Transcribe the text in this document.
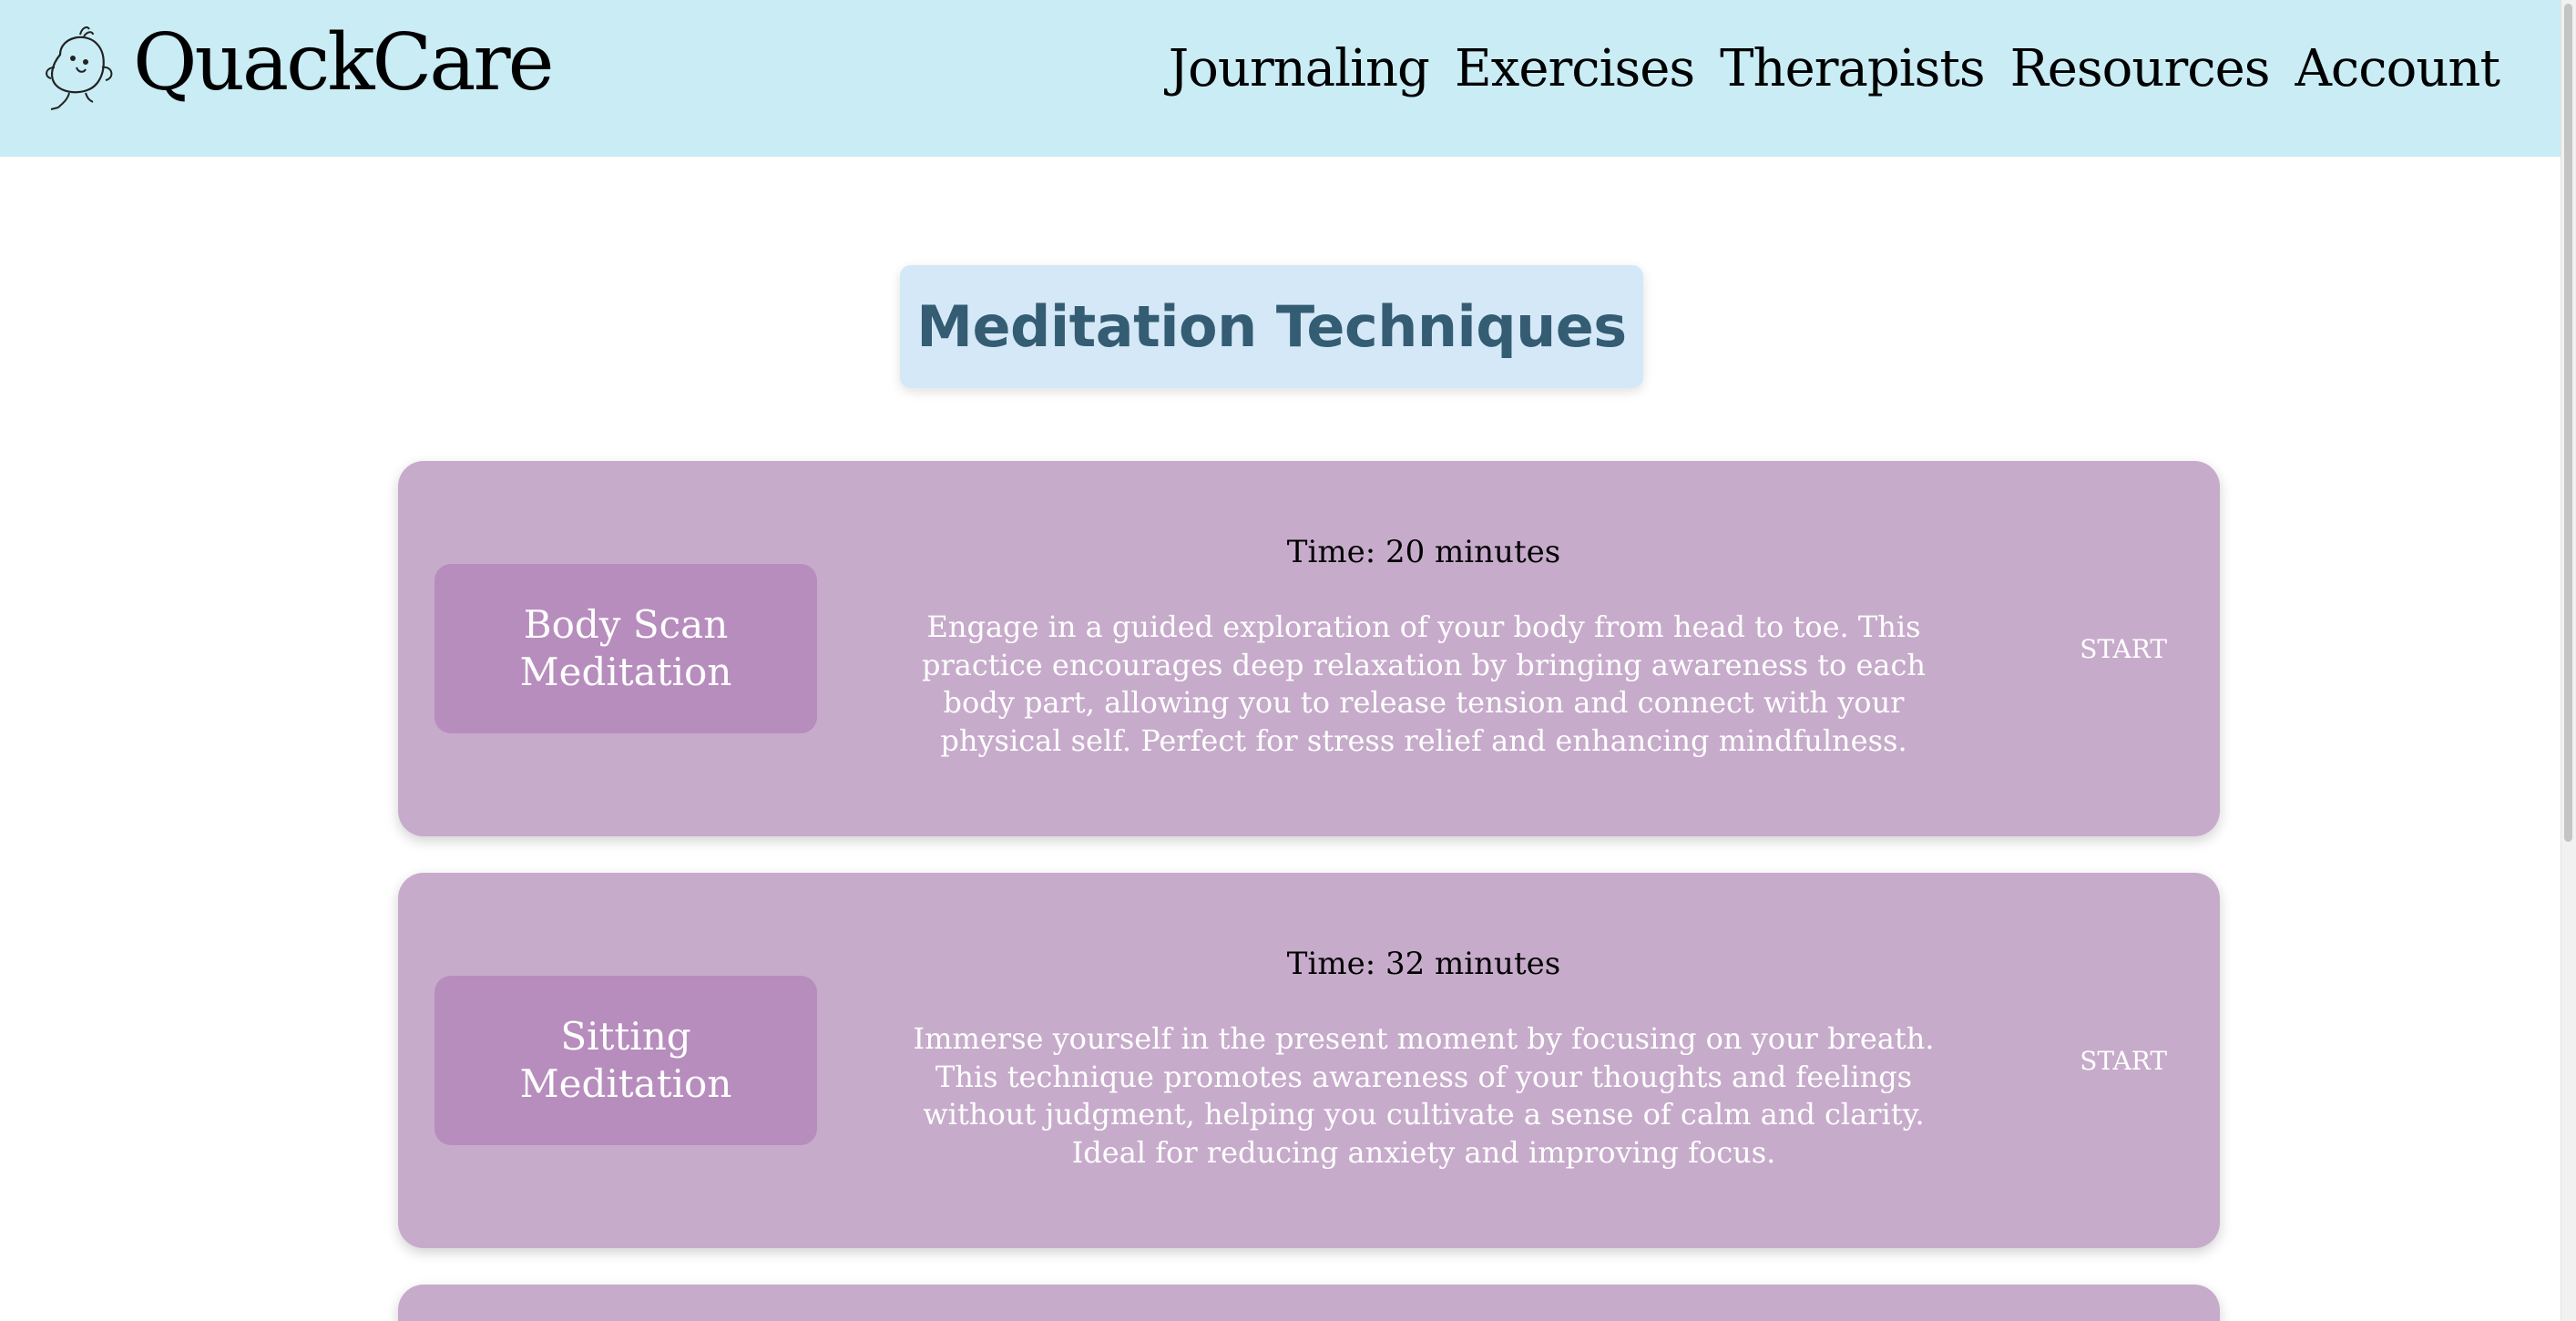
QuackCare	Journaling Exercises Therapists Resources Account
Meditation Techniques
Body Scan Meditation
Time: 20 minutes
Engage in a guided exploration of your body from head to toe. This practice encourages deep relaxation by bringing awareness to each body part, allowing you to release tension and connect with your physical self. Perfect for stress relief and enhancing mindfulness.
START
Sitting Meditation
Time: 32 minutes
Immerse yourself in the present moment by focusing on your breath. This technique promotes awareness of your thoughts and feelings without judgment, helping you cultivate a sense of calm and clarity. Ideal for reducing anxiety and improving focus.
START
